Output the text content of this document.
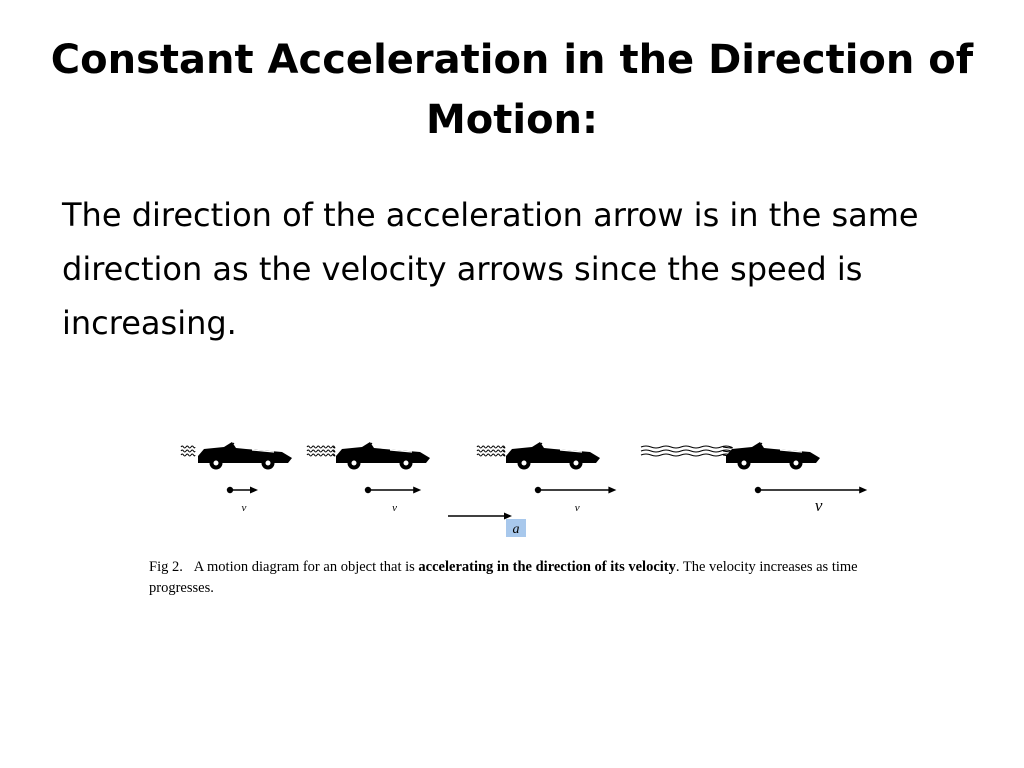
Constant Acceleration in the Direction of Motion:

The direction of the acceleration arrow is in the same direction as the velocity arrows since the speed is increasing.

v	v	v	v
a

Fig 2. A motion diagram for an object that is accelerating in the direction of its velocity. The velocity increases as time progresses.
